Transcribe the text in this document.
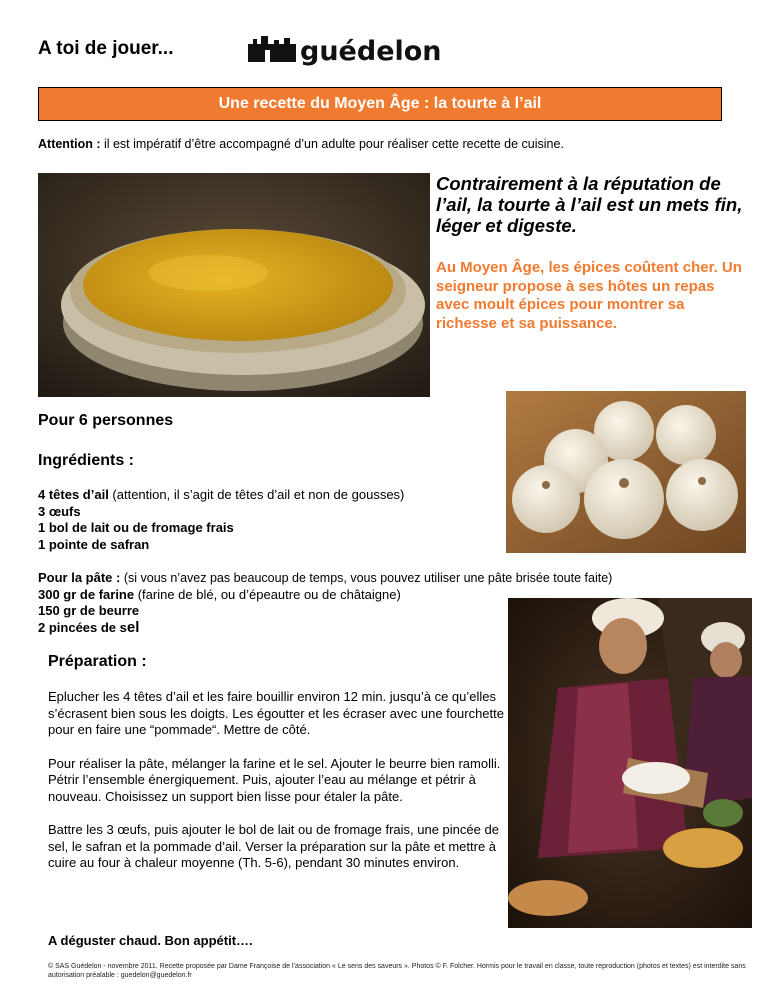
A toi de jouer...	guédelon
Une recette du Moyen Âge : la tourte à l’ail
Attention : il est impératif d’être accompagné d’un adulte pour réaliser cette recette de cuisine.
Contrairement à la réputation de l’ail, la tourte à l’ail est un mets fin, léger et digeste.
Au Moyen Âge, les épices coûtent cher. Un seigneur propose à ses hôtes un repas avec moult épices pour montrer sa richesse et sa puissance.
Pour 6 personnes
Ingrédients :
4 têtes d’ail (attention, il s’agit de têtes d’ail et non de gousses)
3 œufs
1 bol de lait ou de fromage frais
1 pointe de safran
Pour la pâte : (si vous n’avez pas beaucoup de temps, vous pouvez utiliser une pâte brisée toute faite)
300 gr de farine (farine de blé, ou d’épeautre ou de châtaigne)
150 gr de beurre
2 pincées de sel
Préparation :

Eplucher les 4 têtes d’ail et les faire bouillir environ 12 min. jusqu’à ce qu’elles s’écrasent bien sous les doigts. Les égoutter et les écraser avec une fourchette pour en faire une “pommade“. Mettre de côté.

Pour réaliser la pâte, mélanger la farine et le sel. Ajouter le beurre bien ramolli. Pétrir l’ensemble énergiquement. Puis, ajouter l’eau au mélange et pétrir à nouveau. Choisissez un support bien lisse pour étaler la pâte.

Battre les 3 œufs, puis ajouter le bol de lait ou de fromage frais, une pincée de sel, le safran et la pommade d’ail. Verser la préparation sur la pâte et mettre à cuire au four à chaleur moyenne (Th. 5-6), pendant 30 minutes environ.

A déguster chaud. Bon appétit….
© SAS Guédelon - novembre 2011. Recette proposée par Dame Françoise de l’association « Le sens des saveurs ». Photos © F. Folcher. Hormis pour le travail en classe, toute reproduction (photos et textes) est interdite sans autorisation préalable : guedelon@guedelon.fr
